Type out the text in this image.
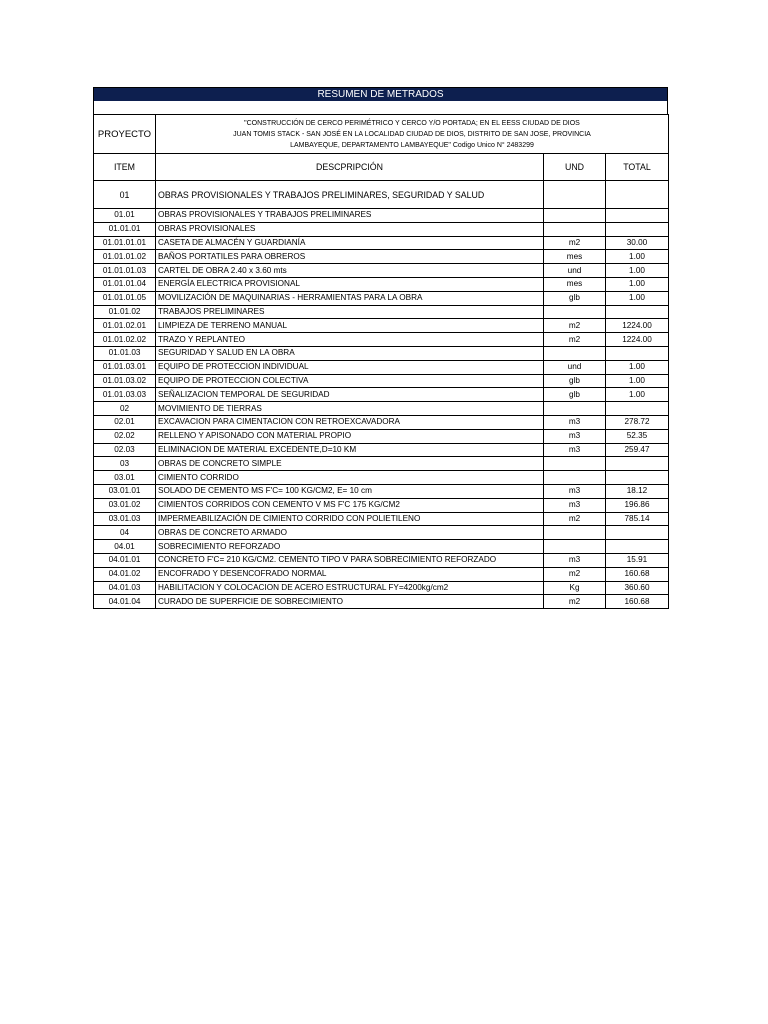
RESUMEN DE METRADOS
PROYECTO	"CONSTRUCCIÓN DE CERCO PERIMÉTRICO Y CERCO Y/O PORTADA; EN EL EESS CIUDAD DE DIOS
JUAN TOMIS STACK - SAN JOSÉ EN LA LOCALIDAD CIUDAD DE DIOS, DISTRITO DE SAN JOSE, PROVINCIA
LAMBAYEQUE, DEPARTAMENTO LAMBAYEQUE" Codigo Unico N° 2483299		

ITEM	DESCPRIPCIÓN	UND	TOTAL
01	OBRAS PROVISIONALES Y TRABAJOS PRELIMINARES, SEGURIDAD Y SALUD		
01.01	OBRAS PROVISIONALES Y TRABAJOS PRELIMINARES		
01.01.01	OBRAS PROVISIONALES		
01.01.01.01	CASETA DE ALMACÉN Y GUARDIANÍA	m2	30.00
01.01.01.02	BAÑOS PORTATILES PARA OBREROS	mes	1.00
01.01.01.03	CARTEL DE OBRA 2.40 x 3.60 mts	und	1.00
01.01.01.04	ENERGÍA ELECTRICA PROVISIONAL	mes	1.00
01.01.01.05	MOVILIZACIÓN DE MAQUINARIAS - HERRAMIENTAS PARA LA OBRA	glb	1.00
01.01.02	TRABAJOS PRELIMINARES		
01.01.02.01	LIMPIEZA DE TERRENO MANUAL	m2	1224.00
01.01.02.02	TRAZO Y REPLANTEO	m2	1224.00
01.01.03	SEGURIDAD Y SALUD EN LA OBRA		
01.01.03.01	EQUIPO DE PROTECCION INDIVIDUAL	und	1.00
01.01.03.02	EQUIPO DE PROTECCION COLECTIVA	glb	1.00
01.01.03.03	SEÑALIZACION TEMPORAL DE SEGURIDAD	glb	1.00
02	MOVIMIENTO DE TIERRAS		
02.01	EXCAVACION PARA CIMENTACION CON RETROEXCAVADORA	m3	278.72
02.02	RELLENO Y APISONADO CON MATERIAL PROPIO	m3	52.35
02.03	ELIMINACION DE MATERIAL EXCEDENTE,D=10 KM	m3	259.47
03	OBRAS DE CONCRETO SIMPLE		
03.01	CIMIENTO CORRIDO		
03.01.01	SOLADO DE CEMENTO MS F'C= 100 KG/CM2, E= 10 cm	m3	18.12
03.01.02	CIMIENTOS CORRIDOS CON CEMENTO V MS F'C 175 KG/CM2	m3	196.86
03.01.03	IMPERMEABILIZACIÓN DE CIMIENTO CORRIDO CON POLIETILENO	m2	785.14
04	OBRAS DE CONCRETO ARMADO		
04.01	SOBRECIMIENTO REFORZADO		
04.01.01	CONCRETO F'C= 210 KG/CM2. CEMENTO TIPO V PARA SOBRECIMIENTO REFORZADO	m3	15.91
04.01.02	ENCOFRADO Y DESENCOFRADO NORMAL	m2	160.68
04.01.03	HABILITACION Y COLOCACION DE ACERO ESTRUCTURAL FY=4200kg/cm2	Kg	360.60
04.01.04	CURADO DE SUPERFICIE DE SOBRECIMIENTO	m2	160.68
